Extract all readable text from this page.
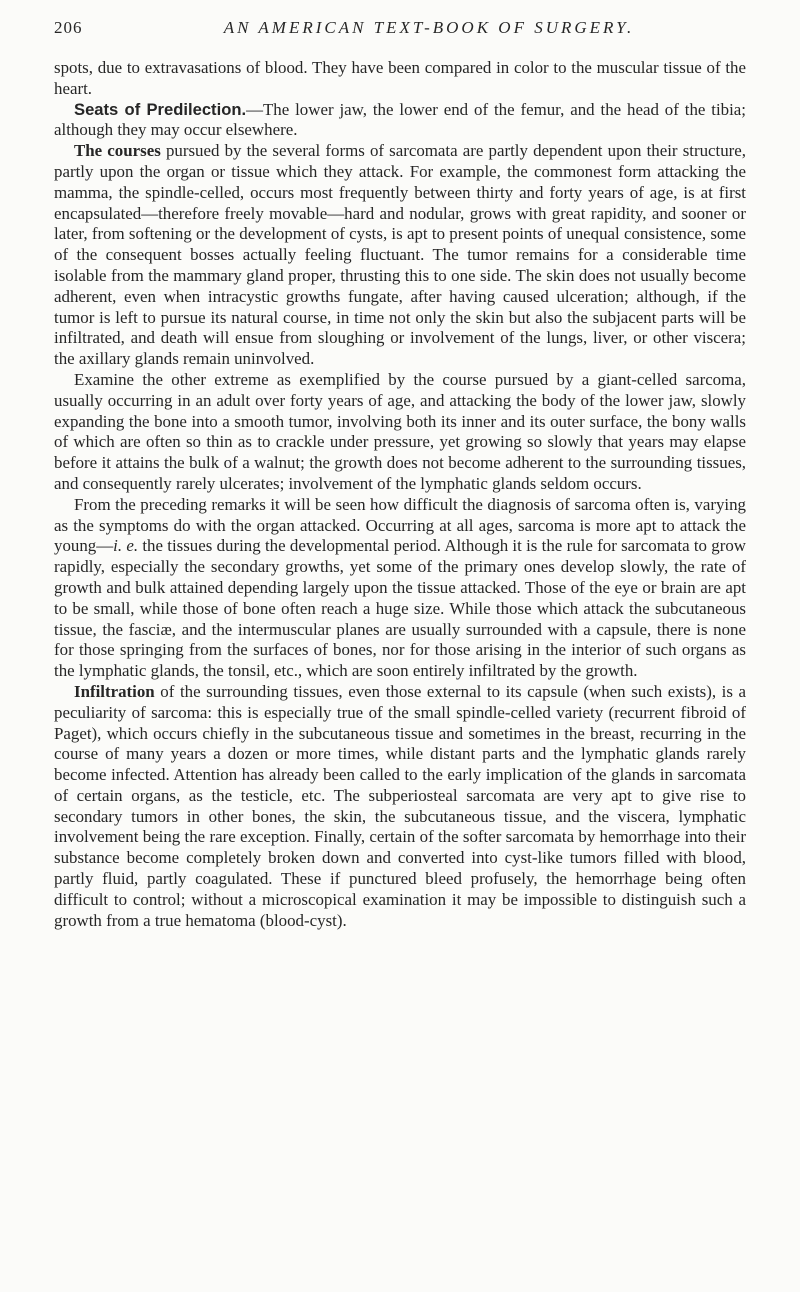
206	AN AMERICAN TEXT-BOOK OF SURGERY.

spots, due to extravasations of blood. They have been compared in color to the muscular tissue of the heart.

Seats of Predilection.—The lower jaw, the lower end of the femur, and the head of the tibia; although they may occur elsewhere.

The courses pursued by the several forms of sarcomata are partly dependent upon their structure, partly upon the organ or tissue which they attack. For example, the commonest form attacking the mamma, the spindle-celled, occurs most frequently between thirty and forty years of age, is at first encapsulated—therefore freely movable—hard and nodular, grows with great rapidity, and sooner or later, from softening or the development of cysts, is apt to present points of unequal consistence, some of the consequent bosses actually feeling fluctuant. The tumor remains for a considerable time isolable from the mammary gland proper, thrusting this to one side. The skin does not usually become adherent, even when intracystic growths fungate, after having caused ulceration; although, if the tumor is left to pursue its natural course, in time not only the skin but also the subjacent parts will be infiltrated, and death will ensue from sloughing or involvement of the lungs, liver, or other viscera; the axillary glands remain uninvolved.

Examine the other extreme as exemplified by the course pursued by a giant-celled sarcoma, usually occurring in an adult over forty years of age, and attacking the body of the lower jaw, slowly expanding the bone into a smooth tumor, involving both its inner and its outer surface, the bony walls of which are often so thin as to crackle under pressure, yet growing so slowly that years may elapse before it attains the bulk of a walnut; the growth does not become adherent to the surrounding tissues, and consequently rarely ulcerates; involvement of the lymphatic glands seldom occurs.

From the preceding remarks it will be seen how difficult the diagnosis of sarcoma often is, varying as the symptoms do with the organ attacked. Occurring at all ages, sarcoma is more apt to attack the young—i. e. the tissues during the developmental period. Although it is the rule for sarcomata to grow rapidly, especially the secondary growths, yet some of the primary ones develop slowly, the rate of growth and bulk attained depending largely upon the tissue attacked. Those of the eye or brain are apt to be small, while those of bone often reach a huge size. While those which attack the subcutaneous tissue, the fasciæ, and the intermuscular planes are usually surrounded with a capsule, there is none for those springing from the surfaces of bones, nor for those arising in the interior of such organs as the lymphatic glands, the tonsil, etc., which are soon entirely infiltrated by the growth.

Infiltration of the surrounding tissues, even those external to its capsule (when such exists), is a peculiarity of sarcoma: this is especially true of the small spindle-celled variety (recurrent fibroid of Paget), which occurs chiefly in the subcutaneous tissue and sometimes in the breast, recurring in the course of many years a dozen or more times, while distant parts and the lymphatic glands rarely become infected. Attention has already been called to the early implication of the glands in sarcomata of certain organs, as the testicle, etc. The subperiosteal sarcomata are very apt to give rise to secondary tumors in other bones, the skin, the subcutaneous tissue, and the viscera, lymphatic involvement being the rare exception. Finally, certain of the softer sarcomata by hemorrhage into their substance become completely broken down and converted into cyst-like tumors filled with blood, partly fluid, partly coagulated. These if punctured bleed profusely, the hemorrhage being often difficult to control; without a microscopical examination it may be impossible to distinguish such a growth from a true hematoma (blood-cyst).
